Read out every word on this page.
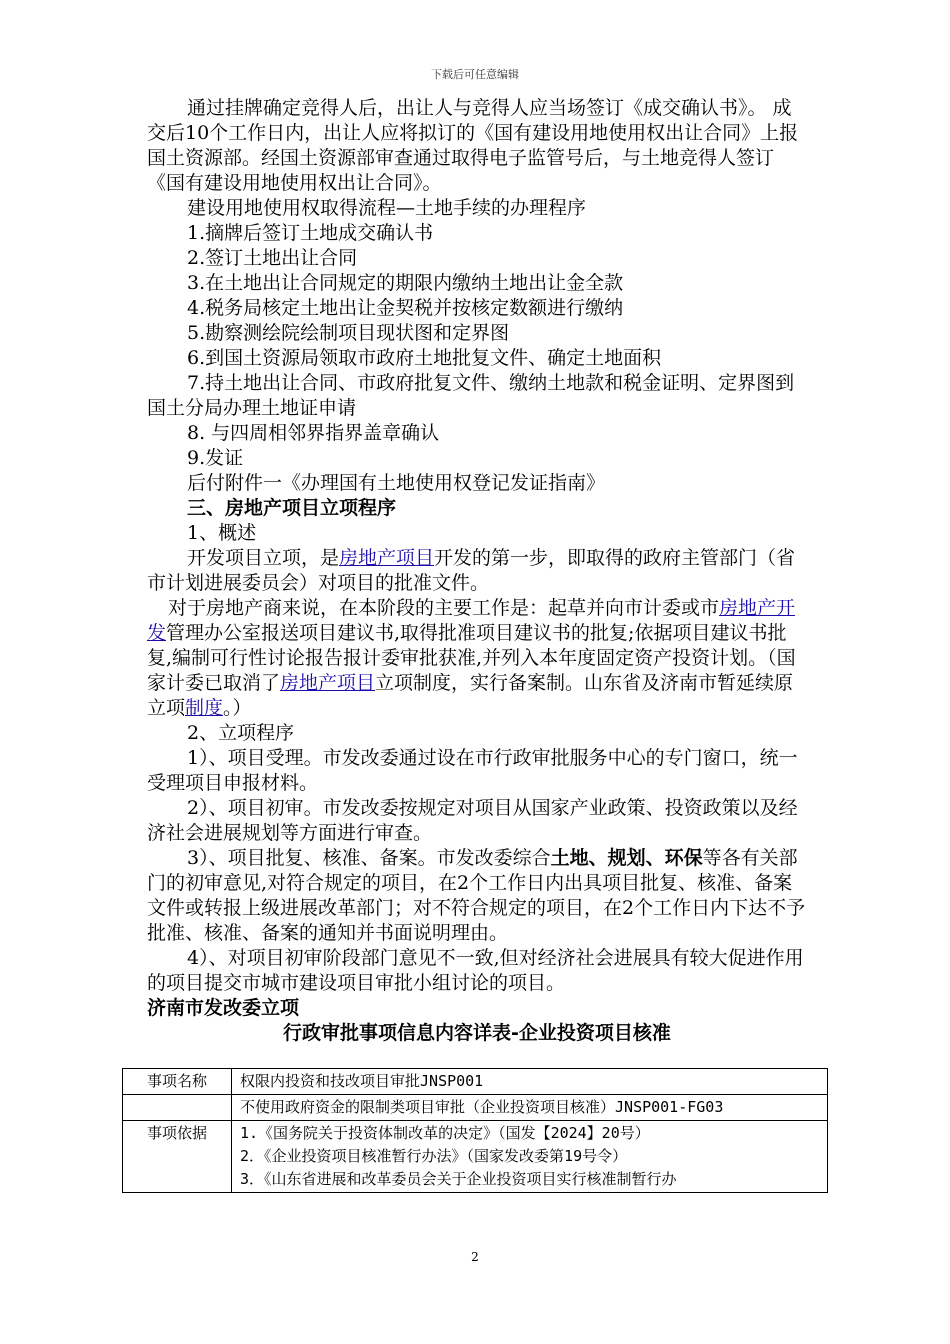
下载后可任意编辑

通过挂牌确定竞得人后，出让人与竞得人应当场签订《成交确认书》。 成交后10个工作日内，出让人应将拟订的《国有建设用地使用权出让合同》上报国土资源部。经国土资源部审查通过取得电子监管号后，与土地竞得人签订《国有建设用地使用权出让合同》。

建设用地使用权取得流程—土地手续的办理程序

1.摘牌后签订土地成交确认书

2.签订土地出让合同

3.在土地出让合同规定的期限内缴纳土地出让金全款

4.税务局核定土地出让金契税并按核定数额进行缴纳

5.勘察测绘院绘制项目现状图和定界图

6.到国土资源局领取市政府土地批复文件、确定土地面积

7.持土地出让合同、市政府批复文件、缴纳土地款和税金证明、定界图到国土分局办理土地证申请

8. 与四周相邻界指界盖章确认

9.发证

后付附件一《办理国有土地使用权登记发证指南》

三、房地产项目立项程序

1、概述

开发项目立项，是房地产项目开发的第一步，即取得的政府主管部门（省市计划进展委员会）对项目的批准文件。

对于房地产商来说，在本阶段的主要工作是：起草并向市计委或市房地产开发管理办公室报送项目建议书,取得批准项目建议书的批复;依据项目建议书批复,编制可行性讨论报告报计委审批获准,并列入本年度固定资产投资计划。（国家计委已取消了房地产项目立项制度，实行备案制。山东省及济南市暂延续原立项制度。）

2、立项程序

1）、项目受理。市发改委通过设在市行政审批服务中心的专门窗口，统一受理项目申报材料。

2）、项目初审。市发改委按规定对项目从国家产业政策、投资政策以及经济社会进展规划等方面进行审查。

3）、项目批复、核准、备案。市发改委综合土地、规划、环保等各有关部门的初审意见,对符合规定的项目，在2个工作日内出具项目批复、核准、备案文件或转报上级进展改革部门；对不符合规定的项目，在2个工作日内下达不予批准、核准、备案的通知并书面说明理由。

4）、对项目初审阶段部门意见不一致,但对经济社会进展具有较大促进作用的项目提交市城市建设项目审批小组讨论的项目。

济南市发改委立项

行政审批事项信息内容详表-企业投资项目核准

事项名称	权限内投资和技改项目审批JNSP001
	不使用政府资金的限制类项目审批（企业投资项目核准）JNSP001-FG03
事项依据	1.《国务院关于投资体制改革的决定》（国发【2024】20号）
2．《企业投资项目核准暂行办法》（国家发改委第19号令）
3．《山东省进展和改革委员会关于企业投资项目实行核准制暂行办
2
